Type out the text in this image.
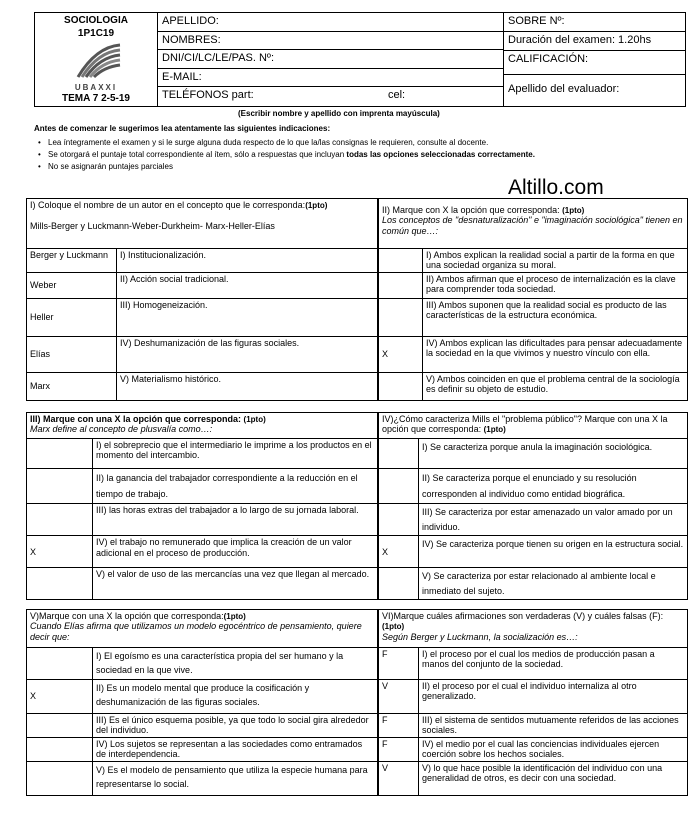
SOCIOLOGIA
1P1C19
UBAXXI
TEMA 7 2-5-19
APELLIDO:
NOMBRES:
DNI/CI/LC/LE/PAS. Nº:
E-MAIL:
TELÉFONOS part:	cel:
SOBRE Nº:
Duración del examen: 1.20hs
CALIFICACIÓN:
Apellido del evaluador:
(Escribir nombre y apellido con imprenta mayúscula)
Antes de comenzar le sugerimos lea atentamente las siguientes indicaciones:
• Lea íntegramente el examen y si le surge alguna duda respecto de lo que la/las consignas le requieren, consulte al docente.
• Se otorgará el puntaje total correspondiente al ítem, sólo a respuestas que incluyan todas las opciones seleccionadas correctamente.
• No se asignarán puntajes parciales
Altillo.com
I) Coloque el nombre de un autor en el concepto que le corresponda:(1pto)

Mills-Berger y Luckmann-Weber-Durkheim- Marx-Heller-Elías	
Berger y Luckmann	I) Institucionalización.
Weber	II) Acción social tradicional.
Heller	III) Homogeneización.
Elías	IV) Deshumanización de las figuras sociales.
Marx	V) Materialismo histórico.
II) Marque con X la opción que corresponda: (1pto)
Los conceptos de "desnaturalización" e "imaginación sociológica" tienen en común que…:	
	I) Ambos explican la realidad social a partir de la forma en que una sociedad organiza su moral.
	II) Ambos afirman que el proceso de internalización es la clave para comprender toda sociedad.
	III) Ambos suponen que la realidad social es producto de las características de la estructura económica.
X	IV) Ambos explican las dificultades para pensar adecuadamente la sociedad en la que vivimos y nuestro vínculo con ella.
	V) Ambos coinciden en que el problema central de la sociología es definir su objeto de estudio.
III) Marque con una X la opción que corresponda: (1pto)
Marx define al concepto de plusvalía como…:	
	I) el sobreprecio que el intermediario le imprime a los productos en el momento del intercambio.
	II) la ganancia del trabajador correspondiente a la reducción en el tiempo de trabajo.
	III) las horas extras del trabajador a lo largo de su jornada laboral.
X	IV) el trabajo no remunerado que implica la creación de un valor adicional en el proceso de producción.
	V) el valor de uso de las mercancías una vez que llegan al mercado.
IV)¿Cómo caracteriza Mills el "problema público"? Marque con una X la opción que corresponda: (1pto)	
	I) Se caracteriza porque anula la imaginación sociológica.
	II) Se caracteriza porque el enunciado y su resolución corresponden al individuo como entidad biográfica.
	III) Se caracteriza por estar amenazado un valor amado por un individuo.
X	IV) Se caracteriza porque tienen su origen en la estructura social.
	V) Se caracteriza por estar relacionado al ambiente local e inmediato del sujeto.
V)Marque con una X la opción que corresponda:(1pto)
Cuando Elías afirma que utilizamos un modelo egocéntrico de pensamiento, quiere decir que:	
	I) El egoísmo es una característica propia del ser humano y la sociedad en la que vive.
X	II) Es un modelo mental que produce la cosificación y deshumanización de las figuras sociales.
	III) Es el único esquema posible, ya que todo lo social gira alrededor del individuo.
	IV) Los sujetos se representan a las sociedades como entramados de interdependencia.
	V) Es el modelo de pensamiento que utiliza la especie humana para representarse lo social.
VI)Marque cuáles afirmaciones son verdaderas (V) y cuáles falsas (F):(1pto)
Según Berger y Luckmann, la socialización es…:	
F	I) el proceso por el cual los medios de producción pasan a manos del conjunto de la sociedad.
V	II) el proceso por el cual el individuo internaliza al otro generalizado.
F	III) el sistema de sentidos mutuamente referidos de las acciones sociales.
F	IV) el medio por el cual las conciencias individuales ejercen coerción sobre los hechos sociales.
V	V) lo que hace posible la identificación del individuo con una generalidad de otros, es decir con una sociedad.
